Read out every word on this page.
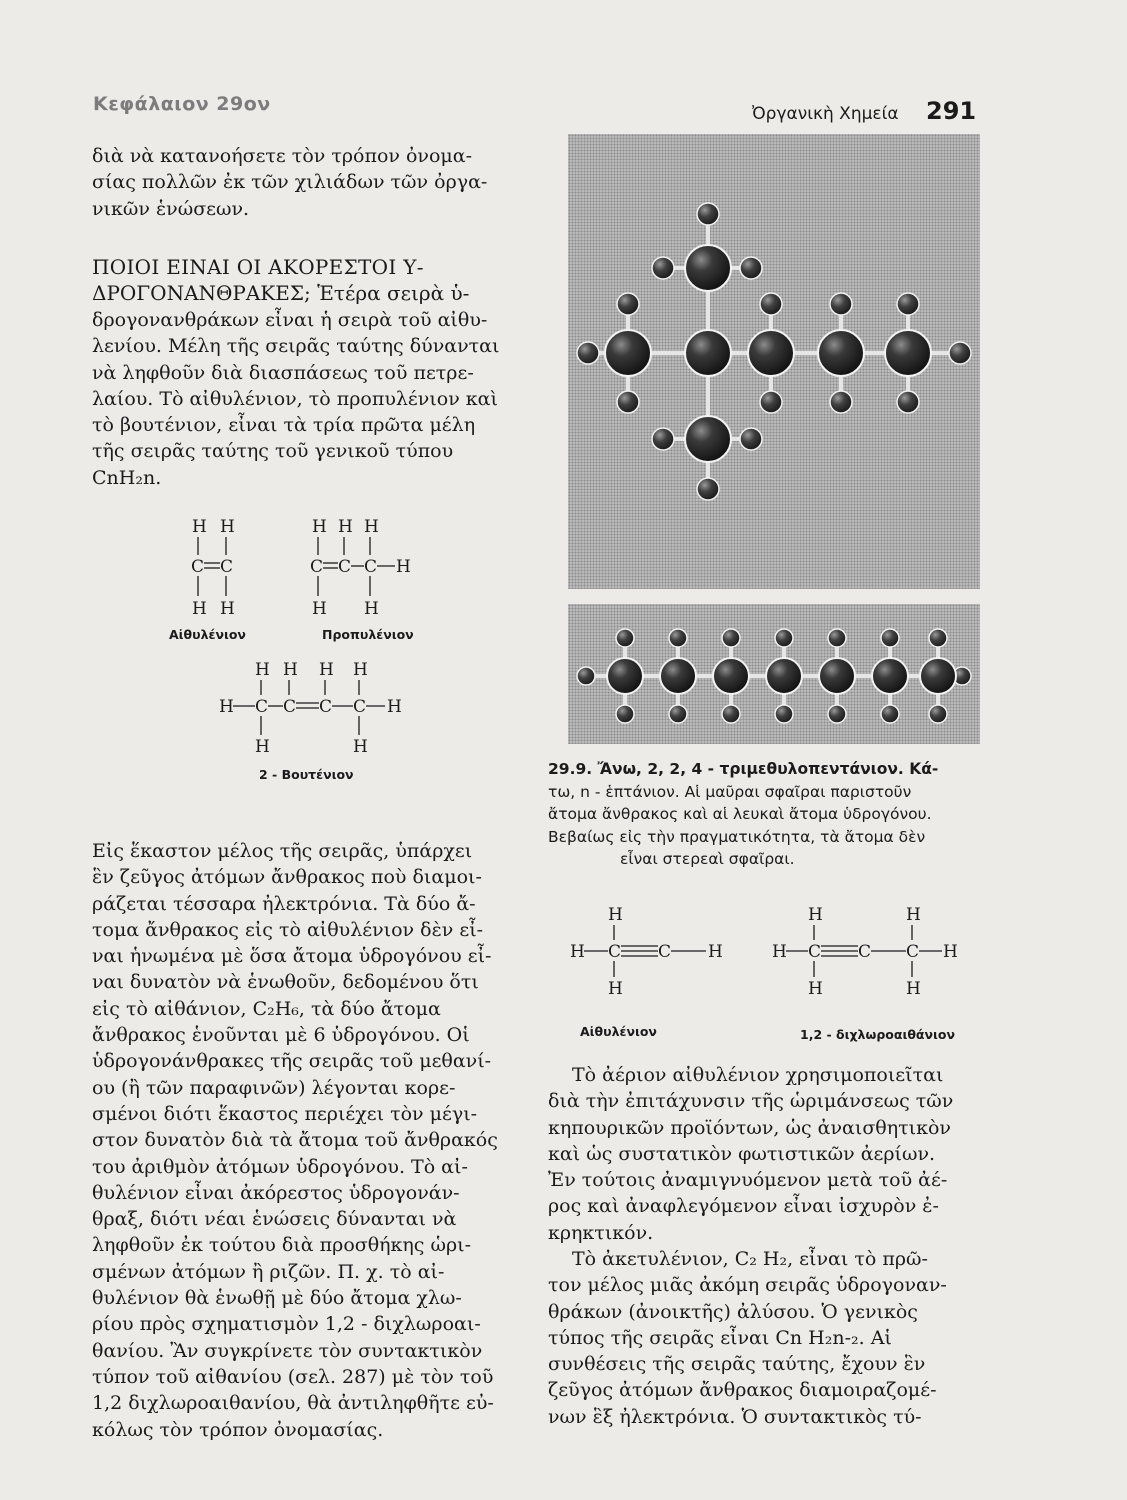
Κεφάλαιον 29ον	Ὀργανικὴ Χημεία 291
διὰ νὰ κατανοήσετε τὸν τρόπον ὀνομα-
σίας πολλῶν ἐκ τῶν χιλιάδων τῶν ὀργα-
νικῶν ἑνώσεων.
ΠΟΙΟΙ ΕΙΝΑΙ ΟΙ ΑΚΟΡΕΣΤΟΙ Υ-
ΔΡΟΓΟΝΑΝΘΡΑΚΕΣ; Ἑτέρα σειρὰ ὑ-
δρογονανθράκων εἶναι ἡ σειρὰ τοῦ αἰθυ-
λενίου. Μέλη τῆς σειρᾶς ταύτης δύνανται
νὰ ληφθοῦν διὰ διασπάσεως τοῦ πετρε-
λαίου. Τὸ αἰθυλένιον, τὸ προπυλένιον καὶ
τὸ βουτένιον, εἶναι τὰ τρία πρῶτα μέλη
τῆς σειρᾶς ταύτης τοῦ γενικοῦ τύπου
CnH₂n.
H H
C C
H H
H H H
C C C H
H H
Αἰθυλένιον	Προπυλένιον
H H H H
H C C C C H
H	H
2 - Βουτένιον
Εἰς ἕκαστον μέλος τῆς σειρᾶς, ὑπάρχει
ἓν ζεῦγος ἀτόμων ἄνθρακος ποὺ διαμοι-
ράζεται τέσσαρα ἠλεκτρόνια. Τὰ δύο ἄ-
τομα ἄνθρακος εἰς τὸ αἰθυλένιον δὲν εἶ-
ναι ἡνωμένα μὲ ὅσα ἄτομα ὑδρογόνου εἶ-
ναι δυνατὸν νὰ ἑνωθοῦν, δεδομένου ὅτι
εἰς τὸ αἰθάνιον, C₂H₆, τὰ δύο ἄτομα
ἄνθρακος ἑνοῦνται μὲ 6 ὑδρογόνου. Οἱ
ὑδρογονάνθρακες τῆς σειρᾶς τοῦ μεθανί-
ου (ἢ τῶν παραφινῶν) λέγονται κορε-
σμένοι διότι ἕκαστος περιέχει τὸν μέγι-
στον δυνατὸν διὰ τὰ ἄτομα τοῦ ἄνθρακός
του ἀριθμὸν ἀτόμων ὑδρογόνου. Τὸ αἰ-
θυλένιον εἶναι ἀκόρεστος ὑδρογονάν-
θραξ, διότι νέαι ἑνώσεις δύνανται νὰ
ληφθοῦν ἐκ τούτου διὰ προσθήκης ὡρι-
σμένων ἀτόμων ἢ ριζῶν. Π. χ. τὸ αἰ-
θυλένιον θὰ ἑνωθῇ μὲ δύο ἄτομα χλω-
ρίου πρὸς σχηματισμὸν 1,2 - διχλωροαι-
θανίου. Ἂν συγκρίνετε τὸν συντακτικὸν
τύπον τοῦ αἰθανίου (σελ. 287) μὲ τὸν τοῦ
1,2 διχλωροαιθανίου, θὰ ἀντιληφθῆτε εὐ-
κόλως τὸν τρόπον ὀνομασίας.
29.9. Ἄνω, 2, 2, 4 - τριμεθυλοπεντάνιον. Κά-
τω, n - ἑπτάνιον. Αἱ μαῦραι σφαῖραι παριστοῦν
ἄτομα ἄνθρακος καὶ αἱ λευκαὶ ἄτομα ὑδρογόνου.
Βεβαίως εἰς τὴν πραγματικότητα, τὰ ἄτομα δὲν
εἶναι στερεαὶ σφαῖραι.
H
H C C H
H
H	H
H C C C H
H	H
Αἰθυλένιον	1,2 - διχλωροαιθάνιον
Τὸ ἀέριον αἰθυλένιον χρησιμοποιεῖται
διὰ τὴν ἐπιτάχυνσιν τῆς ὡριμάνσεως τῶν
κηπουρικῶν προϊόντων, ὡς ἀναισθητικὸν
καὶ ὡς συστατικὸν φωτιστικῶν ἀερίων.
Ἐν τούτοις ἀναμιγνυόμενον μετὰ τοῦ ἀέ-
ρος καὶ ἀναφλεγόμενον εἶναι ἰσχυρὸν ἐ-
κρηκτικόν.
Τὸ ἀκετυλένιον, C₂ H₂, εἶναι τὸ πρῶ-
τον μέλος μιᾶς ἀκόμη σειρᾶς ὑδρογοναν-
θράκων (ἀνοικτῆς) ἀλύσου. Ὁ γενικὸς
τύπος τῆς σειρᾶς εἶναι Cn H₂n-₂. Αἱ
συνθέσεις τῆς σειρᾶς ταύτης, ἔχουν ἓν
ζεῦγος ἀτόμων ἄνθρακος διαμοιραζομέ-
νων ἓξ ἠλεκτρόνια. Ὁ συντακτικὸς τύ-
